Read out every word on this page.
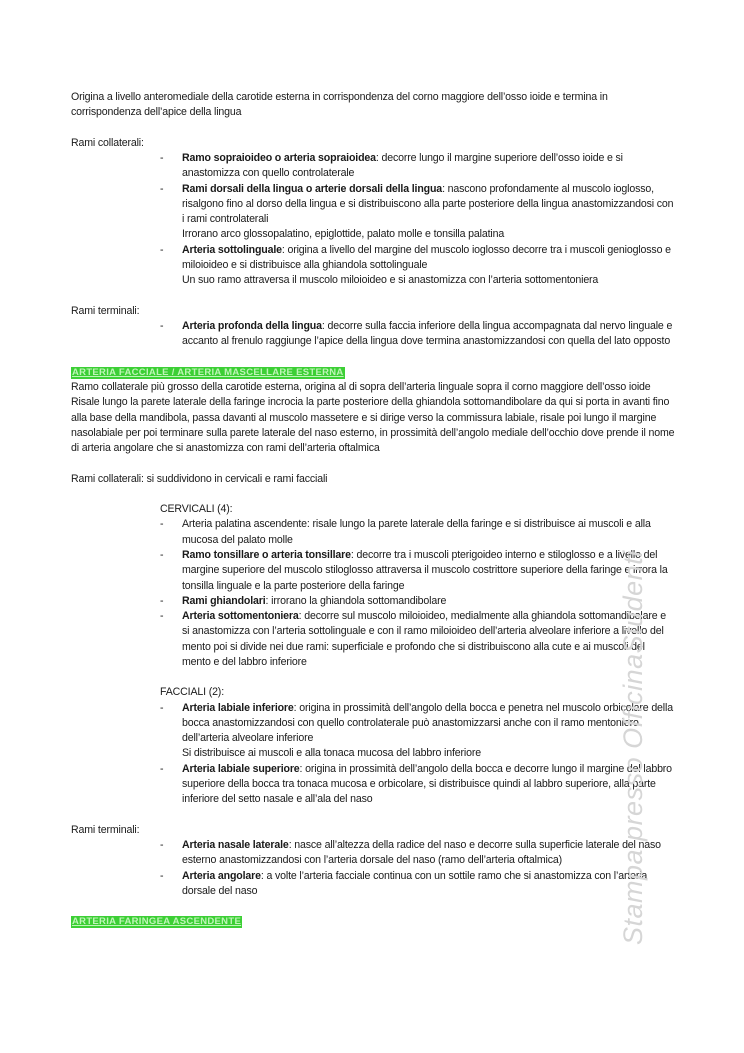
Origina a livello anteromediale della carotide esterna in corrispondenza del corno maggiore dell’osso ioide e termina in corrispondenza dell’apice della lingua

Rami collaterali:

- Ramo sopraioideo o arteria sopraioidea: decorre lungo il margine superiore dell’osso ioide e si anastomizza con quello controlaterale
- Rami dorsali della lingua o arterie dorsali della lingua: nascono profondamente al muscolo ioglosso, risalgono fino al dorso della lingua e si distribuiscono alla parte posteriore della lingua anastomizzandosi con i rami controlaterali
Irrorano arco glossopalatino, epiglottide, palato molle e tonsilla palatina
- Arteria sottolinguale: origina a livello del margine del muscolo ioglosso decorre tra i muscoli genioglosso e miloioideo e si distribuisce alla ghiandola sottolinguale
Un suo ramo attraversa il muscolo miloioideo e si anastomizza con l’arteria sottomentoniera

Rami terminali:

- Arteria profonda della lingua: decorre sulla faccia inferiore della lingua accompagnata dal nervo linguale e accanto al frenulo raggiunge l’apice della lingua dove termina anastomizzandosi con quella del lato opposto
ARTERIA FACCIALE / ARTERIA MASCELLARE ESTERNA

Ramo collaterale più grosso della carotide esterna, origina al di sopra dell’arteria linguale sopra il corno maggiore dell’osso ioide

Risale lungo la parete laterale della faringe incrocia la parte posteriore della ghiandola sottomandibolare da qui si porta in avanti fino alla base della mandibola, passa davanti al muscolo massetere e si dirige verso la commissura labiale, risale poi lungo il margine nasolabiale per poi terminare sulla parete laterale del naso esterno, in prossimità dell’angolo mediale dell’occhio dove prende il nome di arteria angolare che si anastomizza con rami dell’arteria oftalmica

Rami collaterali: si suddividono in cervicali e rami facciali

CERVICALI (4):

- Arteria palatina ascendente: risale lungo la parete laterale della faringe e si distribuisce ai muscoli e alla mucosa del palato molle
- Ramo tonsillare o arteria tonsillare: decorre tra i muscoli pterigoideo interno e stiloglosso e a livello del margine superiore del muscolo stiloglosso attraversa il muscolo costrittore superiore della faringe e irrora la tonsilla linguale e la parte posteriore della faringe
- Rami ghiandolari: irrorano la ghiandola sottomandibolare
- Arteria sottomentoniera: decorre sul muscolo miloioideo, medialmente alla ghiandola sottomandibolare e si anastomizza con l’arteria sottolinguale e con il ramo miloioideo dell’arteria alveolare inferiore a livello del mento poi si divide nei due rami: superficiale e profondo che si distribuiscono alla cute e ai muscoli del mento e del labbro inferiore

FACCIALI (2):

- Arteria labiale inferiore: origina in prossimità dell’angolo della bocca e penetra nel muscolo orbicolare della bocca anastomizzandosi con quello controlaterale può anastomizzarsi anche con il ramo mentoniero dell’arteria alveolare inferiore
Si distribuisce ai muscoli e alla tonaca mucosa del labbro inferiore
- Arteria labiale superiore: origina in prossimità dell’angolo della bocca e decorre lungo il margine del labbro superiore della bocca tra tonaca mucosa e orbicolare, si distribuisce quindi al labbro superiore, alla parte inferiore del setto nasale e all’ala del naso

Rami terminali:

- Arteria nasale laterale: nasce all’altezza della radice del naso e decorre sulla superficie laterale del naso esterno anastomizzandosi con l’arteria dorsale del naso (ramo dell’arteria oftalmica)
- Arteria angolare: a volte l’arteria facciale continua con un sottile ramo che si anastomizza con l’arteria dorsale del naso
ARTERIA FARINGEA ASCENDENTE	Stampa presso OfficinaStudenti
